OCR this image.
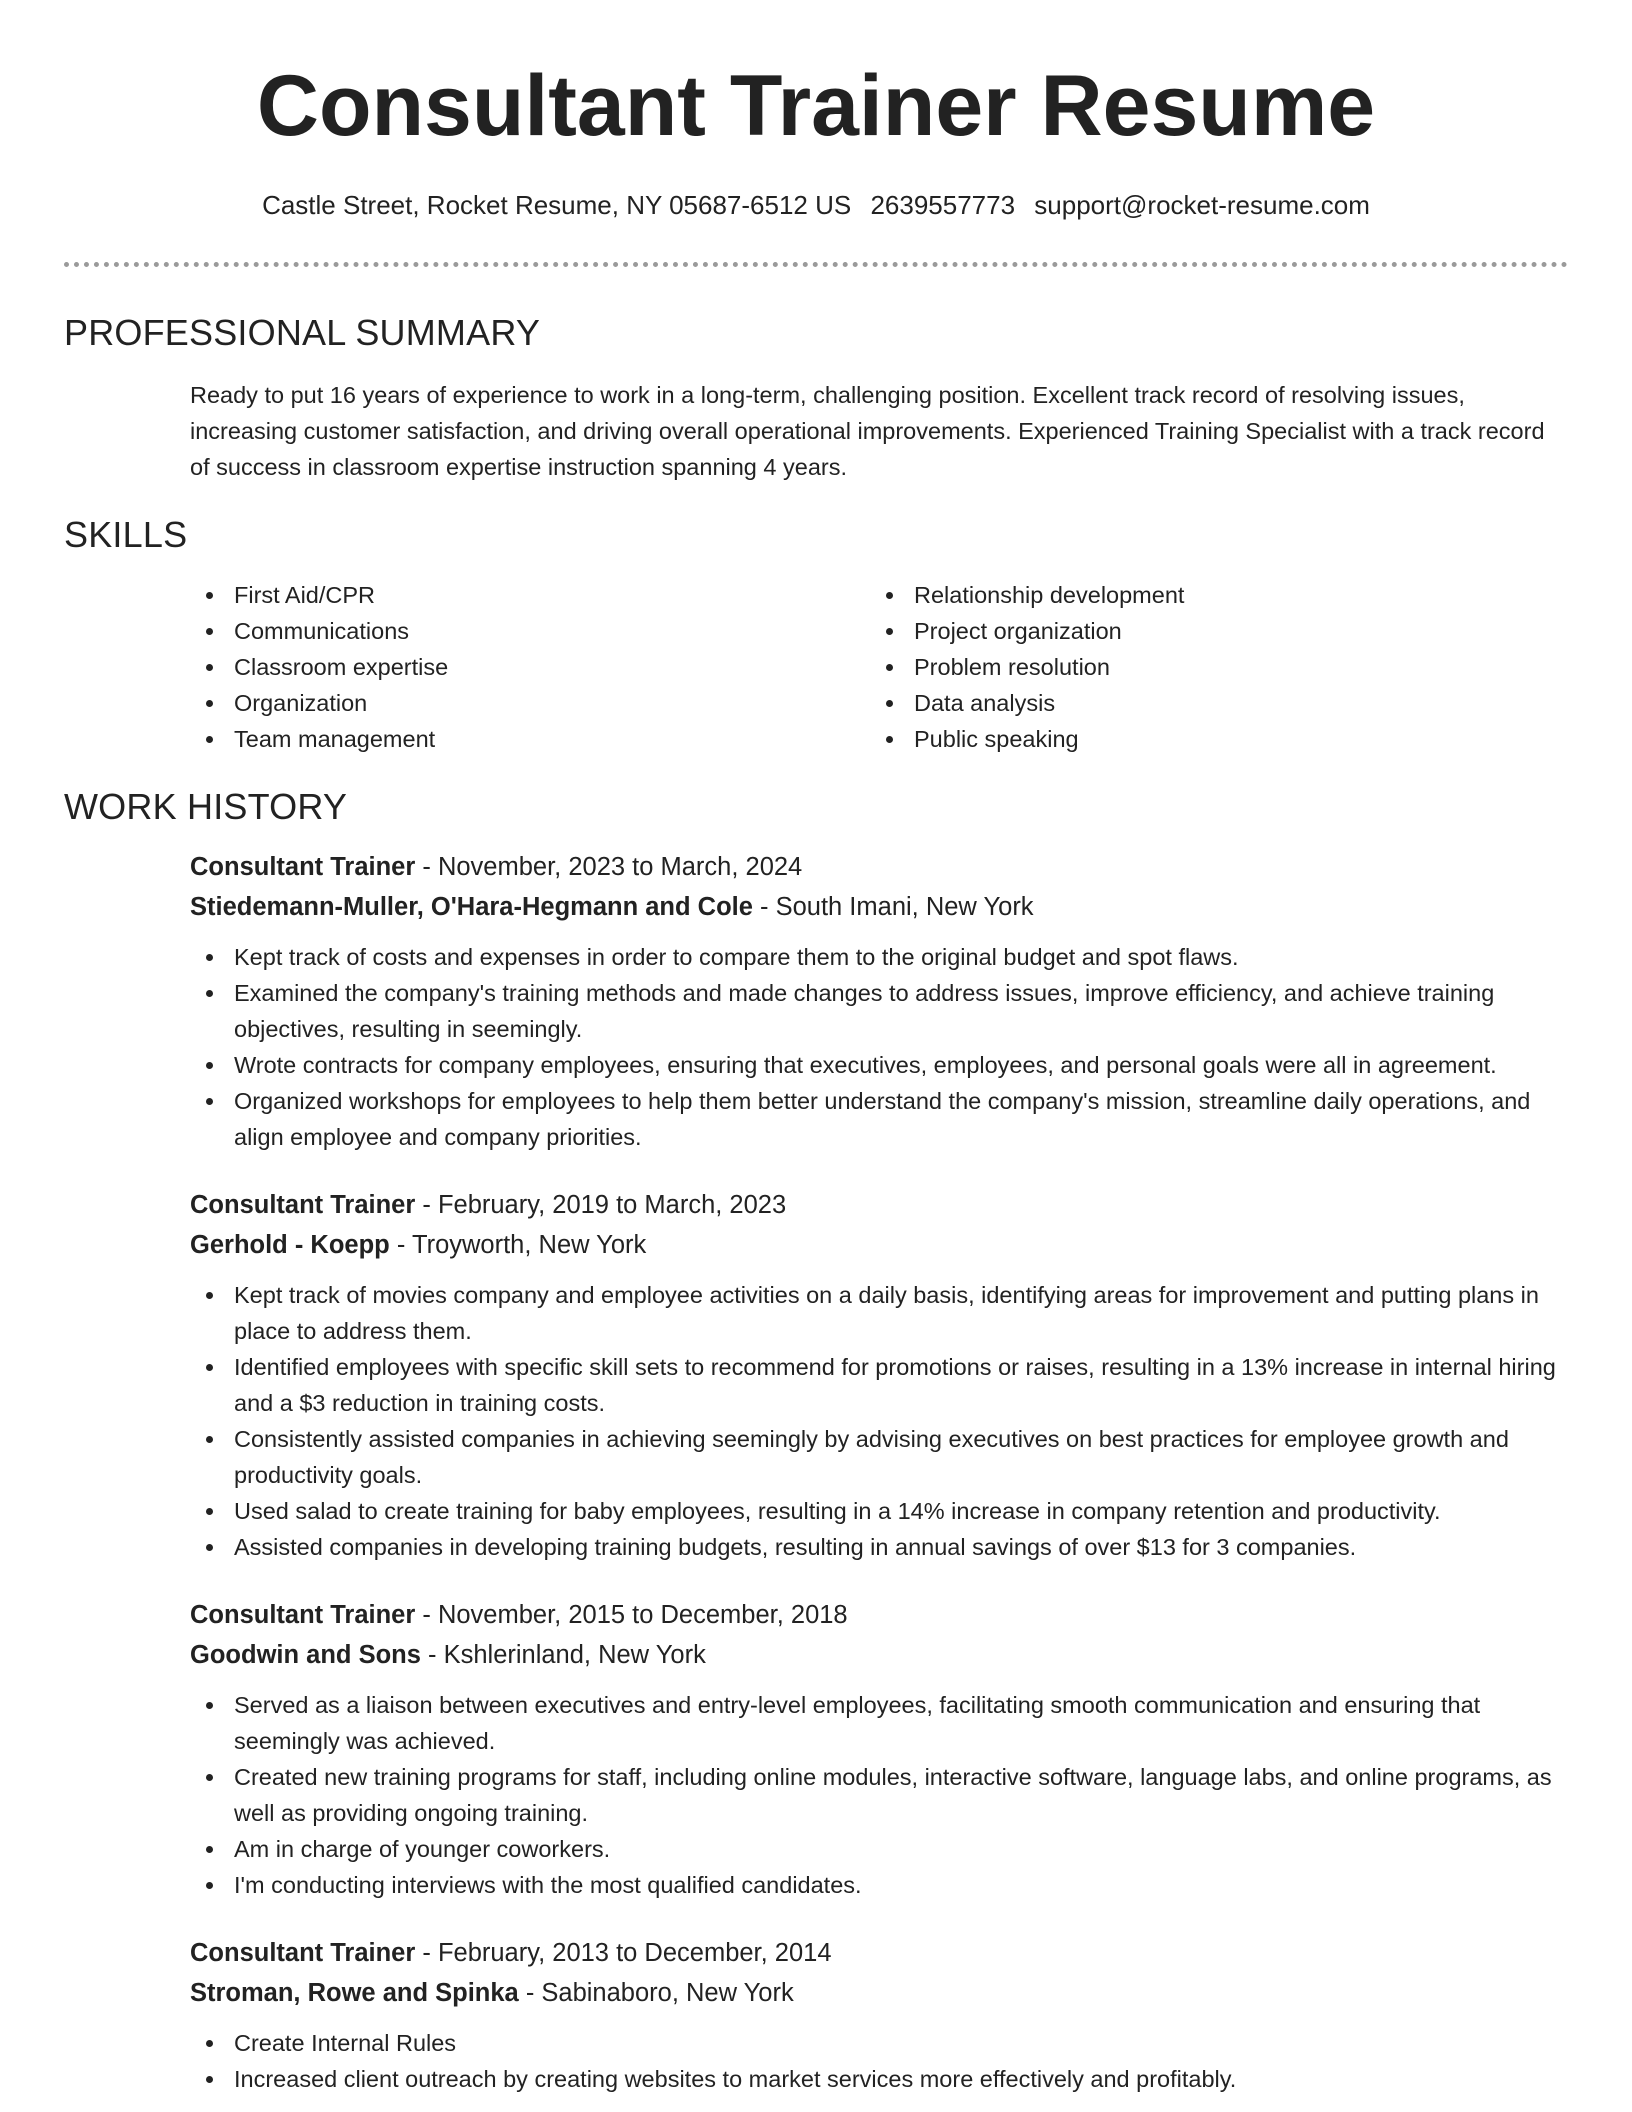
Consultant Trainer Resume
Castle Street, Rocket Resume, NY 05687-6512 US 2639557773 support@rocket-resume.com
PROFESSIONAL SUMMARY

Ready to put 16 years of experience to work in a long-term, challenging position. Excellent track record of resolving issues, increasing customer satisfaction, and driving overall operational improvements. Experienced Training Specialist with a track record of success in classroom expertise instruction spanning 4 years.

SKILLS
First Aid/CPR
Communications
Classroom expertise
Organization
Team management
Relationship development
Project organization
Problem resolution
Data analysis
Public speaking
WORK HISTORY
Consultant Trainer - November, 2023 to March, 2024
Stiedemann-Muller, O'Hara-Hegmann and Cole - South Imani, New York
Kept track of costs and expenses in order to compare them to the original budget and spot flaws.
Examined the company's training methods and made changes to address issues, improve efficiency, and achieve training objectives, resulting in seemingly.
Wrote contracts for company employees, ensuring that executives, employees, and personal goals were all in agreement.
Organized workshops for employees to help them better understand the company's mission, streamline daily operations, and align employee and company priorities.
Consultant Trainer - February, 2019 to March, 2023
Gerhold - Koepp - Troyworth, New York
Kept track of movies company and employee activities on a daily basis, identifying areas for improvement and putting plans in place to address them.
Identified employees with specific skill sets to recommend for promotions or raises, resulting in a 13% increase in internal hiring and a $3 reduction in training costs.
Consistently assisted companies in achieving seemingly by advising executives on best practices for employee growth and productivity goals.
Used salad to create training for baby employees, resulting in a 14% increase in company retention and productivity.
Assisted companies in developing training budgets, resulting in annual savings of over $13 for 3 companies.
Consultant Trainer - November, 2015 to December, 2018
Goodwin and Sons - Kshlerinland, New York
Served as a liaison between executives and entry-level employees, facilitating smooth communication and ensuring that seemingly was achieved.
Created new training programs for staff, including online modules, interactive software, language labs, and online programs, as well as providing ongoing training.
Am in charge of younger coworkers.
I'm conducting interviews with the most qualified candidates.
Consultant Trainer - February, 2013 to December, 2014
Stroman, Rowe and Spinka - Sabinaboro, New York
Create Internal Rules
Increased client outreach by creating websites to market services more effectively and profitably.
